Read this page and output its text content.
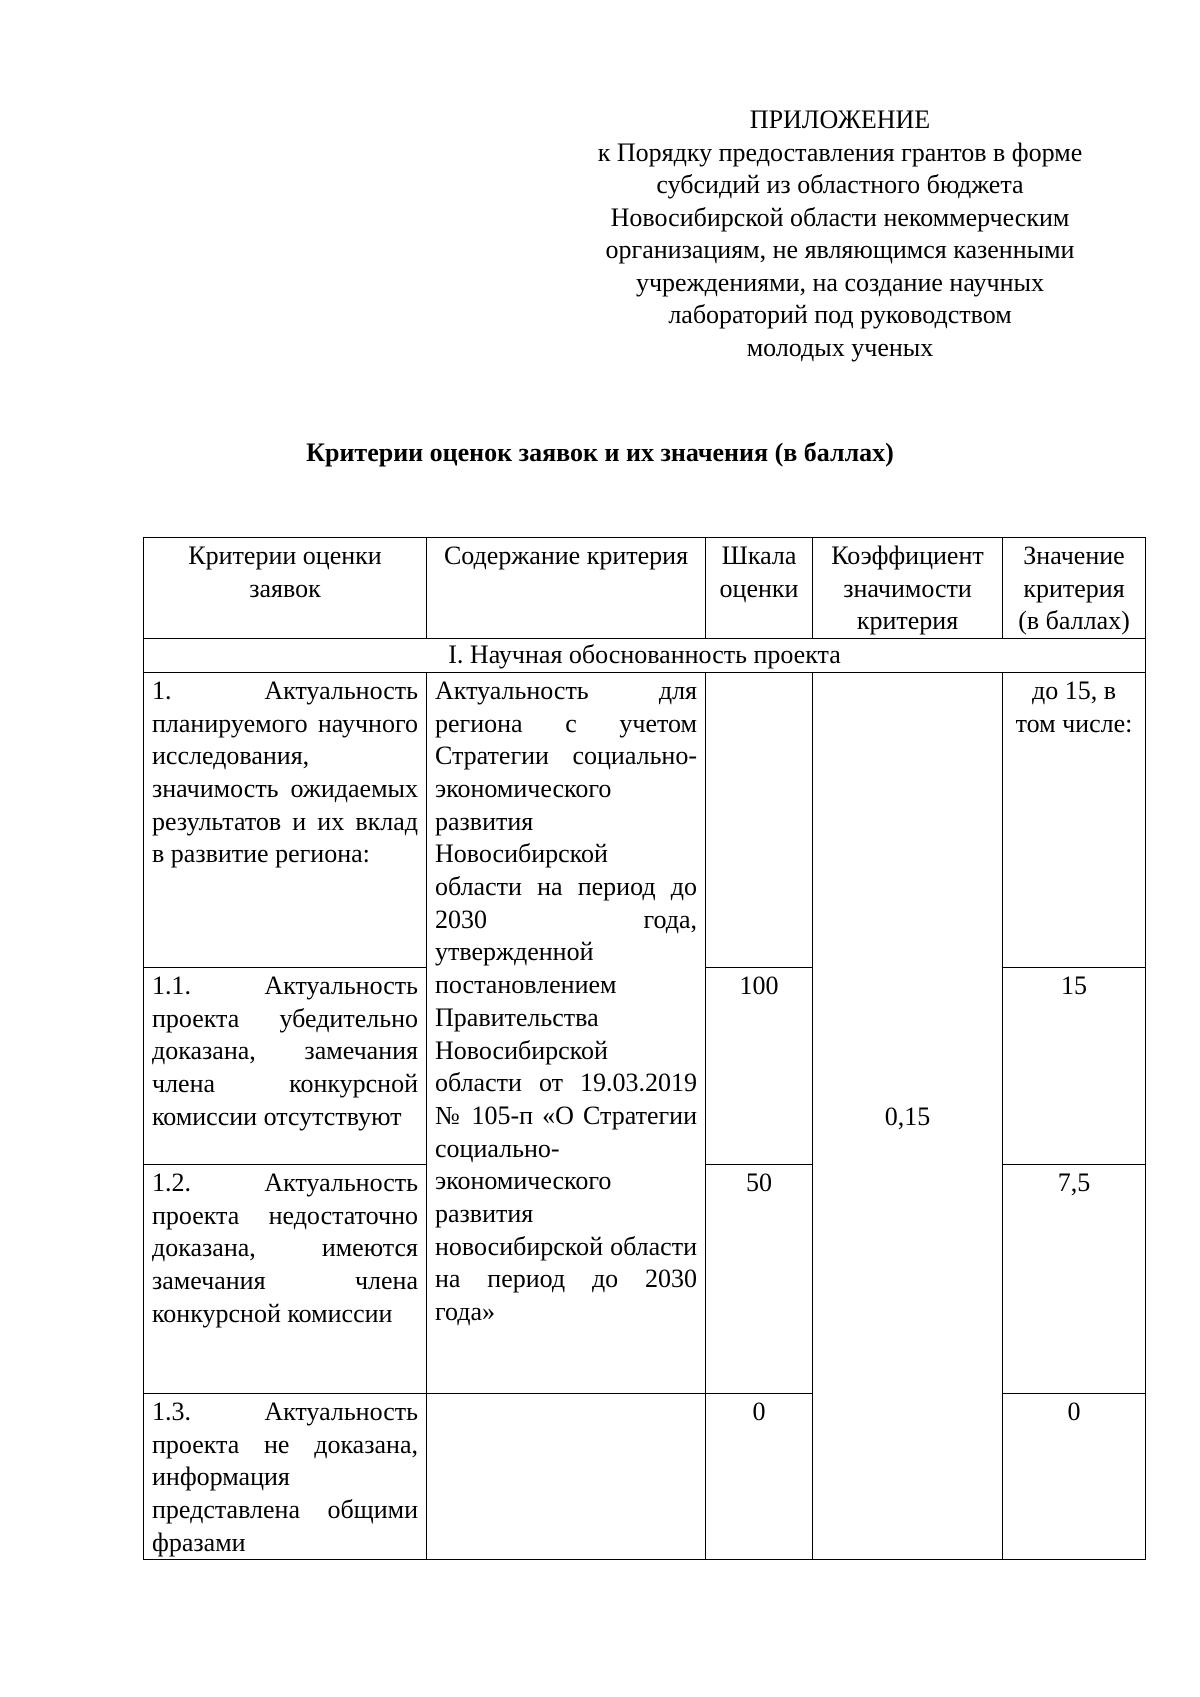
ПРИЛОЖЕНИЕ
к Порядку предоставления грантов в форме
субсидий из областного бюджета
Новосибирской области некоммерческим
организациям, не являющимся казенными
учреждениями, на создание научных
лабораторий под руководством
молодых ученых
Критерии оценок заявок и их значения (в баллах)
Критерии оценки заявок	Содержание критерия	Шкала оценки	Коэффициент значимости критерия	Значение критерия (в баллах)
I. Научная обоснованность проекта				
1. Актуальность планируемого научного исследования, значимость ожидаемых результатов и их вклад в развитие региона:	Актуальность для региона с учетом Стратегии социально-экономического развития Новосибирской области на период до 2030 года, утвержденной постановлением Правительства Новосибирской области от 19.03.2019 № 105-п «О Стратегии социально-экономического развития новосибирской области на период до 2030 года»		0,15	до 15, в том числе:
1.1. Актуальность проекта убедительно доказана, замечания члена конкурсной комиссии отсутствуют		100		15
1.2. Актуальность проекта недостаточно доказана, имеются замечания члена конкурсной комиссии		50		7,5
1.3. Актуальность проекта не доказана, информация представлена общими фразами		0		0
